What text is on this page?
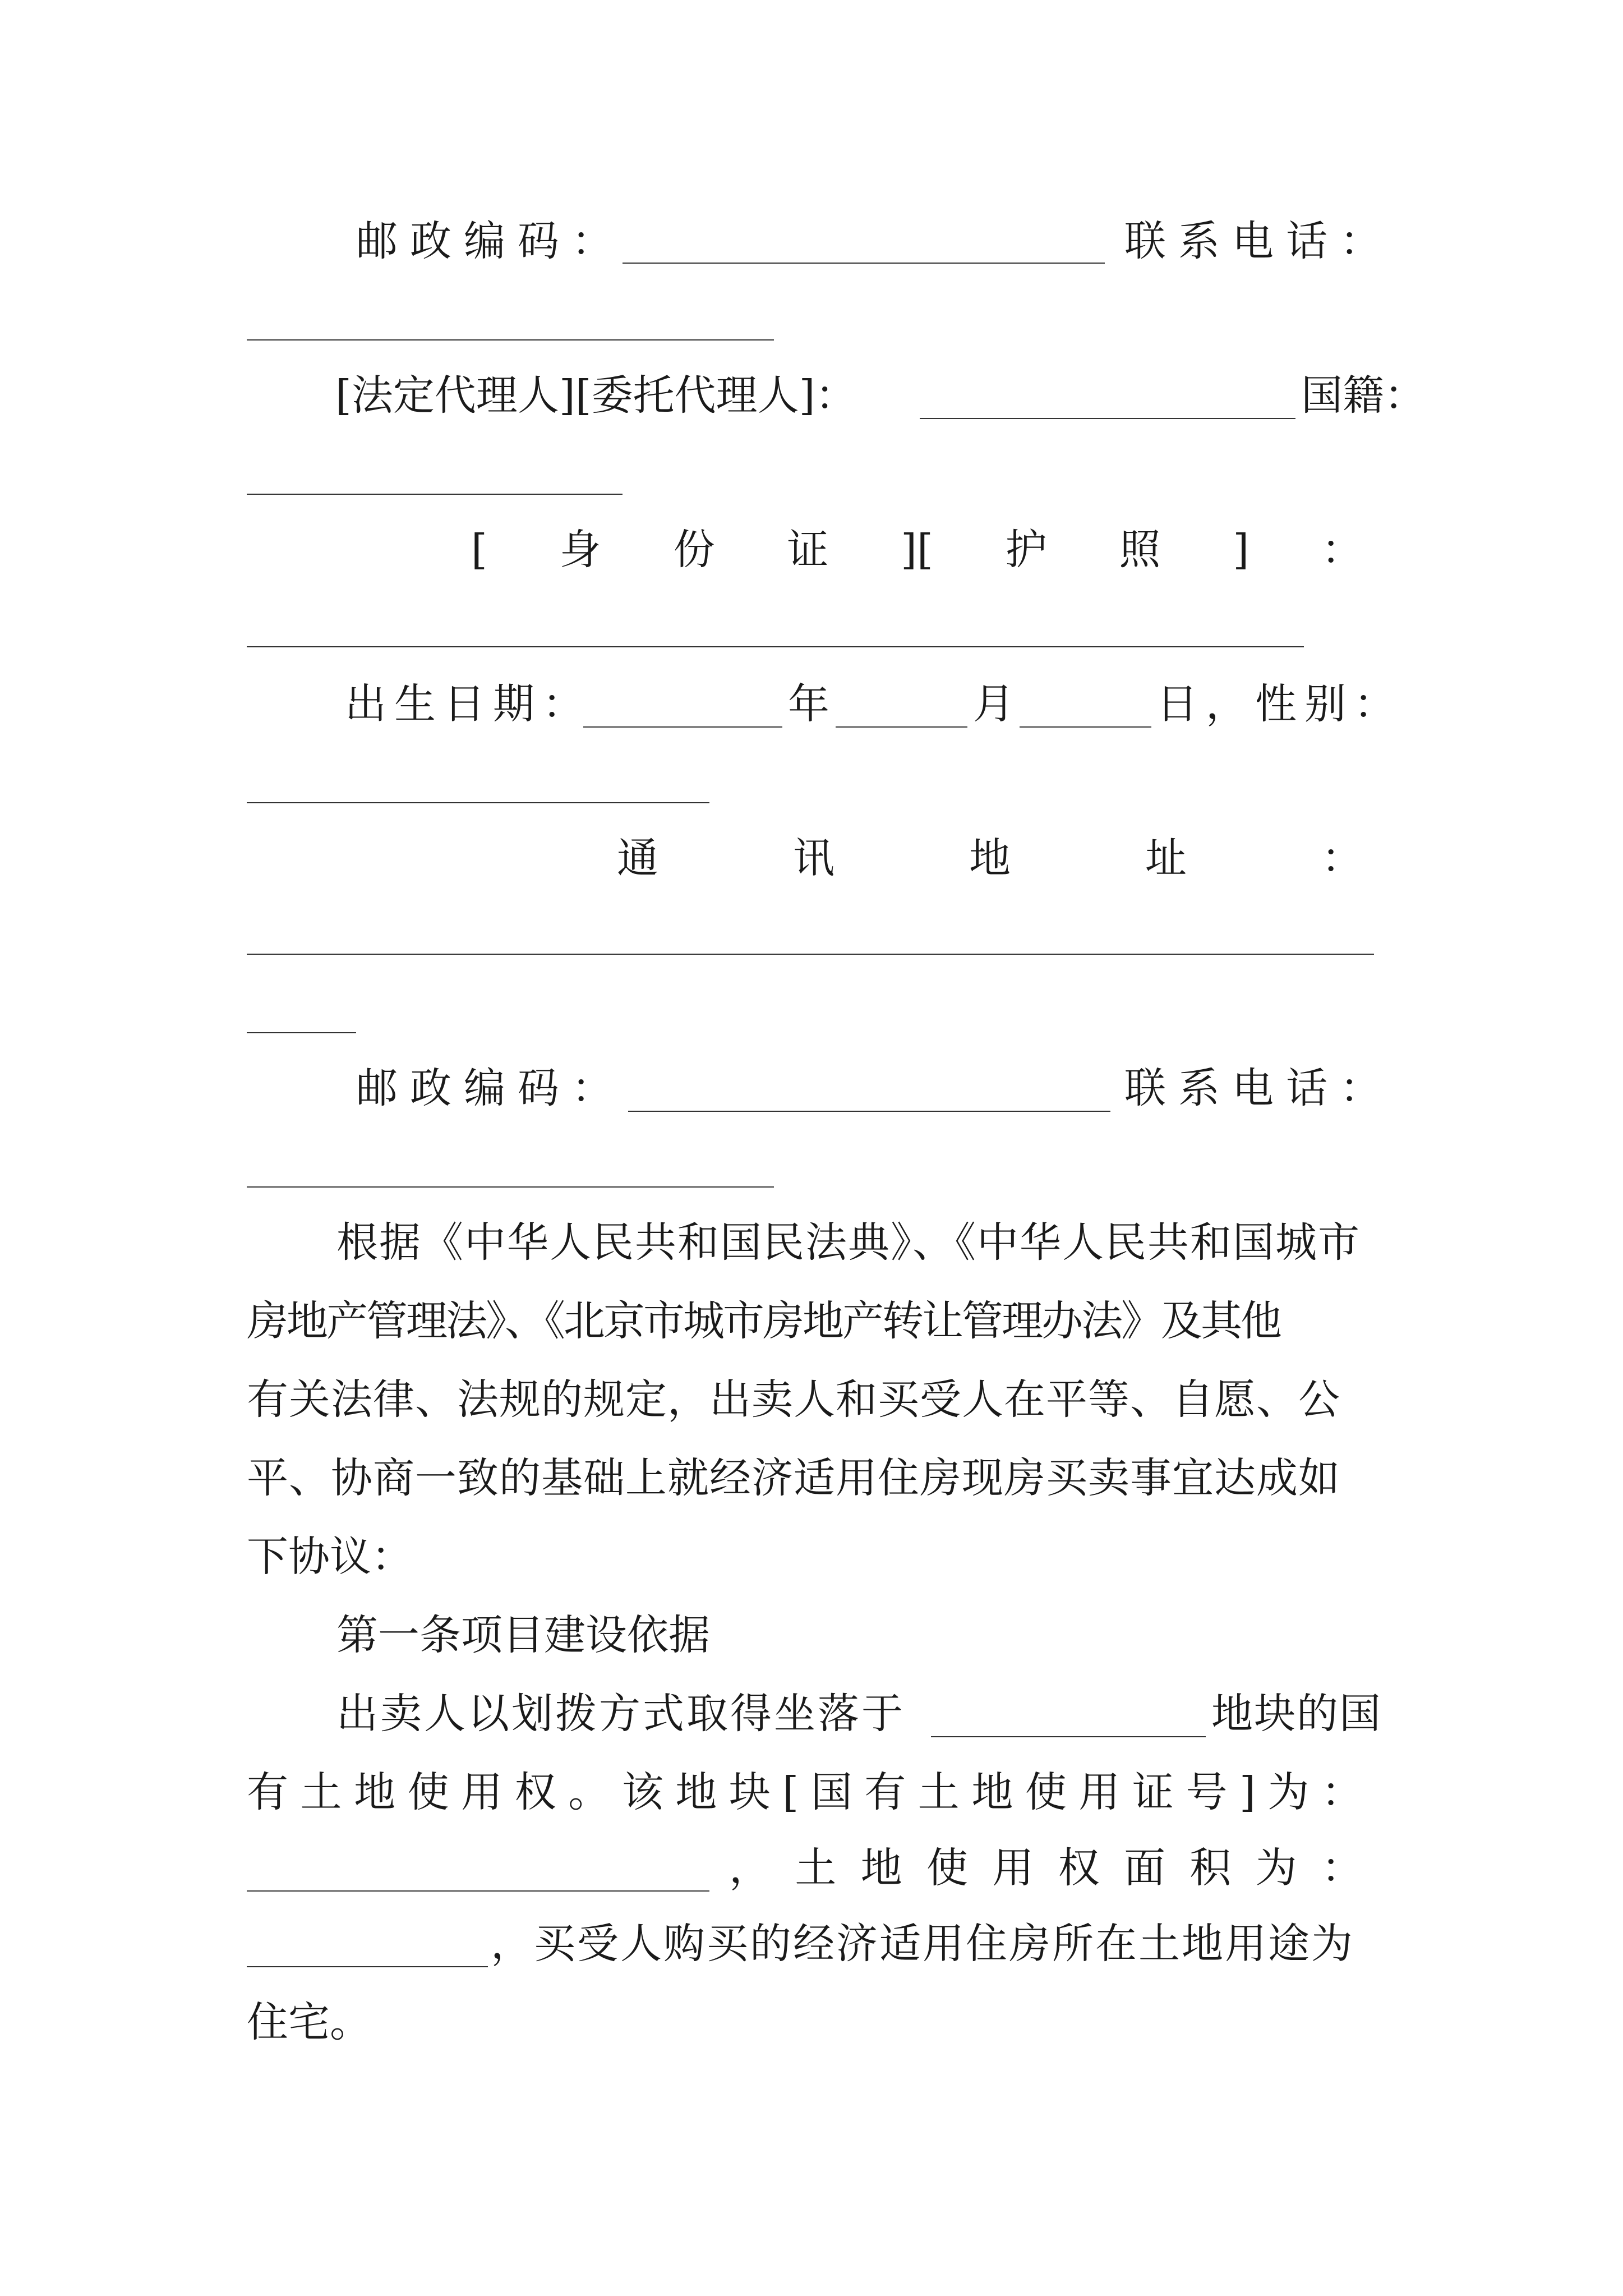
邮政编码：	联系电话：
[法定代理人][委托代理人]：	国籍：
[ 身 份 证 ][ 护 照 ] ：
出生日期：	年	月	日，性别：
通	讯	地	址	：
邮政编码：	联系电话：
根据《中华人民共和国民法典》、《中华人民共和国城市
房地产管理法》、《北京市城市房地产转让管理办法》及其他
有关法律、法规的规定，出卖人和买受人在平等、自愿、公
平、协商一致的基础上就经济适用住房现房买卖事宜达成如
下协议：
第一条项目建设依据
出卖人以划拨方式取得坐落于	地块的国
有 土 地 使 用 权 。 该 地 块 [ 国 有 土 地 使 用 证 号 ] 为 ：
， 土 地 使 用 权 面 积 为 ：
，买受人购买的经济适用住房所在土地用途为
住宅。
